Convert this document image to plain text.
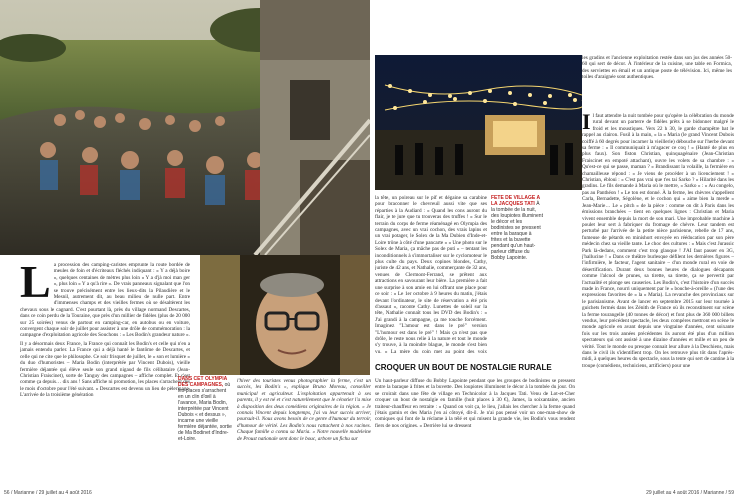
L a procession des camping-caristes emprunte la route bordée de meules de foin et d'écriteaux fléchés indiquant : « Y a déjà boire », quelques centaines de mètres plus loin « Y a d'jà moi man ger », plus loin « Y a qu'à rire ». De vrais panneaux signalant que l'on se trouve précisément entre les lieux-dits la Pilaudière et le Mesnil, autrement dit, au beau milieu de nulle part. Entre d'immenses champs et des vieilles fermes où se désaltèrent les chevaux sous le cagnard. C'est pourtant là, près du village normand Descartes, dans ce coin perdu de la Touraine, que près d'un millier de fidèles (plus de 20 000 sur 25 soirées) venus de partout en camping-car, en autobus ou en voiture, convergent chaque soir de juillet pour assister à une drôle de commémoration : la campagne d'exploitation agricole des Souchons : « Les Bodin's grandeur nature ».

Il y a désormais deux France, la France qui connaît les Bodin's et celle qui n'en a jamais entendu parler. La France qui a déjà hanté le fantôme de Descartes, et celle qui ne cite que le philosophe. Ce soir frisquet de juillet, le « son et lumière » du duo d'humoristes – Maria Bodin (interprétée par Vincent Dubois), vieille fermière déjantée qui élève seule son grand nigaud de fils célibataire (Jean-Christian Fraiscinet), sorte de Tanguy des campagnes – affiche complet. Et c'est comme ça depuis… dix ans ! Sans affiche ni promotion, les places s'arrachent dès le mois d'octobre pour l'été suivant. « Descartes est devenu un lieu de pèlerinage. L'arrivée de la troisième génération

DANS CET OLYMPIA DES CAMPAGNES, où les places s'arrachent en un clin d'œil à l'avance, Maria Bodin, interprétée par Vincent Dubois « et dessus », incarne une vieille fermière déjantée, sortie de Ma Bodinet d'Indre-et-Loire.

l'hiver des touristes venus photographier la ferme, c'est un succès, les Bodin's », explique Bruno Moreau, conseiller municipal et agriculteur. L'exploitation appartenait à ses parents, il y est né et c'est naturellement que le cénotier l'a mise à disposition des deux comédiens originaires de la région. « Je connais Vincent depuis longtemps, j'ai vu leur succès arriver, poursuit-il. Nous avons besoin de ce genre d'humour du terroir, d'humour de vérité. Les Bodin's nous rattachent à nos racines. Chaque famille a connu sa Maria. » Notre nouvelle madeleine de Proust nationale sent donc le bouc, arbore un fichu sur

56 / Marianne / 29 juillet au 4 août 2016

les gradins et l'ancienne exploitation restée dans son jus des années 50-60 qui sert de décor. À l'intérieur de la cuisine, une table en Formica, des serviettes en émail et un antique poste de télévision. Ici, même les toiles d'araignée sont authentiques.

la tête, un poireau sur le pif et dégaine sa carabine pour braconner le chevreuil aussi vite que ses réparties à la Audiard : « Quand les cons auront du flair, je te jure que tu trouveras des truffes ! » Sur le terrain du corps de ferme réaménagé en Olympia des campagnes, avec un vrai cochon, des vrais lapins et un vrai potager, le Solex de la Ma Dubien d'Inde-et-Loire trône à côté d'une pancarte « « Une photo sur le Solex de Maria, ça mâche pas de puti » – tentant les inconditionnels à s'immortaliser sur le cyclomoteur le plus culte du pays. Deux copines blondes, Cathy, juriste de 42 ans, et Nathalie, commerçante de 32 ans, venues de Clermont-Ferrand, se prêtent aux attractions en savourant leur bière. La première a fait une surprise à son amie en lui offrant une place pour ce soir : « Le 1er octobre à 9 heures du matin, j'étais devant l'ordinateur, le site de réservation a été pris d'assaut », raconte Cathy. Lunettes de soleil sur la tête, Nathalie connaît tous les DVD des Bodin's : « J'ai grandi à la campagne, ça me touche forcément. Imaginez "L'amour est dans le pré" version "L'humour est dans le pré" ! Mais ça n'est pas que drôle, le reste nous relie à la nature et tout le monde s'y trouve, à la moindre blague, le monde s'est bien vu. » La mère du coin met au point des voix

FÊTE DE VILLAGE À LA JACQUES TATI À la tombée de la nuit, des loupiotes illuminent le décor et les bodinistes se pressent entre la baraque à frites et la buvette pendant qu'un haut-parleur diffuse du Bobby Lapointe.
CROQUER UN BOUT DE NOSTALGIE RURALE

Un haut-parleur diffuse du Bobby Lapointe pendant que les groupes de bodinistes se pressent entre la baraque à frites et la buvette. Des loupiotes illuminent le décor à la tombée du jour. On se croirait dans une fête de village en Technicolor à la Jacques Tati. Venu de Lot-et-Cher croquer un bout de nostalgie en famille (huit places à 30 €), James, la soixantaine, ancien traiteur-chauffeur en retraite : « Quand on voit ça, le lieu, j'allais les chercher à la ferme quand j'étais gamin et des Maria j'en ai côtoyé, dit-il. Je n'ai pas pensé voir un one-man-show de comiques qui font de la réclame à la télé et qui misent la grande vie, les Bodin's vous rendent fiers de nos origines. » Derrière lui se dressent

I l faut attendre la nuit tombée pour qu'opère la célébration du monde rural devant un parterre de fidèles prêts à se bidonner malgré le froid et les moustiques. Vers 22 h 30, le garde champêtre bat le rappel au clairon. Fusil à la main, « la » Maria (le grand Vincent Dubois coiffé à 60 degrés pour incarner la vieillerie) débouche sur l'herbe devant sa ferme : « Il communiquait à m'agacer ce coq ! » (Hanté de plus en plus faux). Son fiston Christian, quinquagénaire (Jean-Christian Fraiscinet en empoté attachant), ouvre les volets de sa chambre : « Qu'est-ce qui se passe, maman ? » Brandissant la volaille, la fermière en chamailleuse répond : « Je viens de procéder à un licenciement ! » Christian, ébloui : « C'est pas vrai que t'es tai Sarko ? » Hilarité dans les gradins. Le fils demande à Maria où le mettre, « Sarko » : « Au congelo, pas au Panthéon ! » Le ton est donné. À la ferme, les chèvres s'appellent Carla, Bernadette, Ségolène, et le cochon qui « aime bien la merde » Jean-Marie… Le « pitch » de la pièce : comme on dit à Paris dans les émissions branchées – tient en quelques lignes : Christian et Maria vivent ensemble depuis la mort de son mari. Une improbable machine à poulet leur sert à fabriquer du fromage de chèvre. Leur tandem est perturbé par l'arrivée de la petite nièce parisienne, rebelle de 17 ans, fumeuse de pétards en minishort envoyée en rééducation par son père médecin chez sa vieille tante. Le choc des cultures : « Mais c'est Jurassic Park là-dedans, comment c'est trop glauque ! J'AI faut passer en 3G, j'hallucine ! » Dans ce théâtre burlesque défilent les dernières figures – l'infirmière, le facteur, l'agent sanitaire – d'un monde rural en voie de désertification. Durant deux bonnes heures de dialogues décapants comme l'alcool de prunes, sa tirette, sa tirette, ça se pervertit par l'actualité et plonge ses causeries. Les Bodin's, c'est l'histoire d'un succès made in France, nourri uniquement par le « bouche-à-oreille » (l'une des expressions favorites de « la » Maria). La revanche des provinciaux sur le parisianisme. Avant de lancer en septembre 2015 sur leur tournée à guichets fermés dans les Zénith de France où ils reconstituent sur scène la ferme tourangelle (40 tonnes de décor) et font plus de 360 000 billets vendus, leur précédent spectacle, les deux compères mettront en scène le monde agricole en avant depuis une vingtaine d'années, cent soixante fois sur les trois années précédentes ils auront été plus d'un million spectateurs qui ont assisté à une dizaine d'années et mille et un peu de vérité. Tout le monde ou presque connait leur allure à la Deschiens, mais dans le civil ils s'identifient trop. On les retrouve plus tôt dans l'après-midi, à quelques heures du spectacle, sous la tente qui sert de cantine à la troupe (comédiens, techniciens, artificiers) pour une

29 juillet au 4 août 2016 / Marianne / 59
